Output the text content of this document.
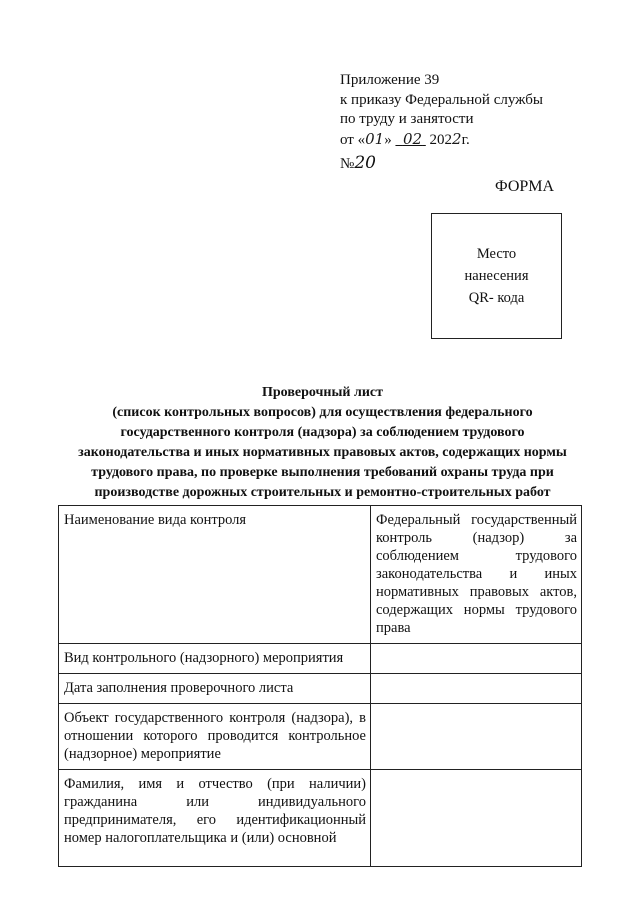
Приложение 39
к приказу Федеральной службы
по труду и занятости
от «01»   02  2022г.
№20
ФОРМА
Место
нанесения
QR- кода
Проверочный лист
(список контрольных вопросов) для осуществления федерального
государственного контроля (надзора) за соблюдением трудового
законодательства и иных нормативных правовых актов, содержащих нормы
трудового права, по проверке выполнения требований охраны труда при
производстве дорожных строительных и ремонтно-строительных работ
Наименование вида контроля	Федеральный государственный контроль (надзор) за соблюдением трудового законодательства и иных нормативных правовых актов, содержащих нормы трудового права
Вид контрольного (надзорного) мероприятия	
Дата заполнения проверочного листа	
Объект государственного контроля (надзора), в отношении которого проводится контрольное (надзорное) мероприятие	
Фамилия, имя и отчество (при наличии) гражданина или индивидуального предпринимателя, его идентификационный номер налогоплательщика и (или) основной	
